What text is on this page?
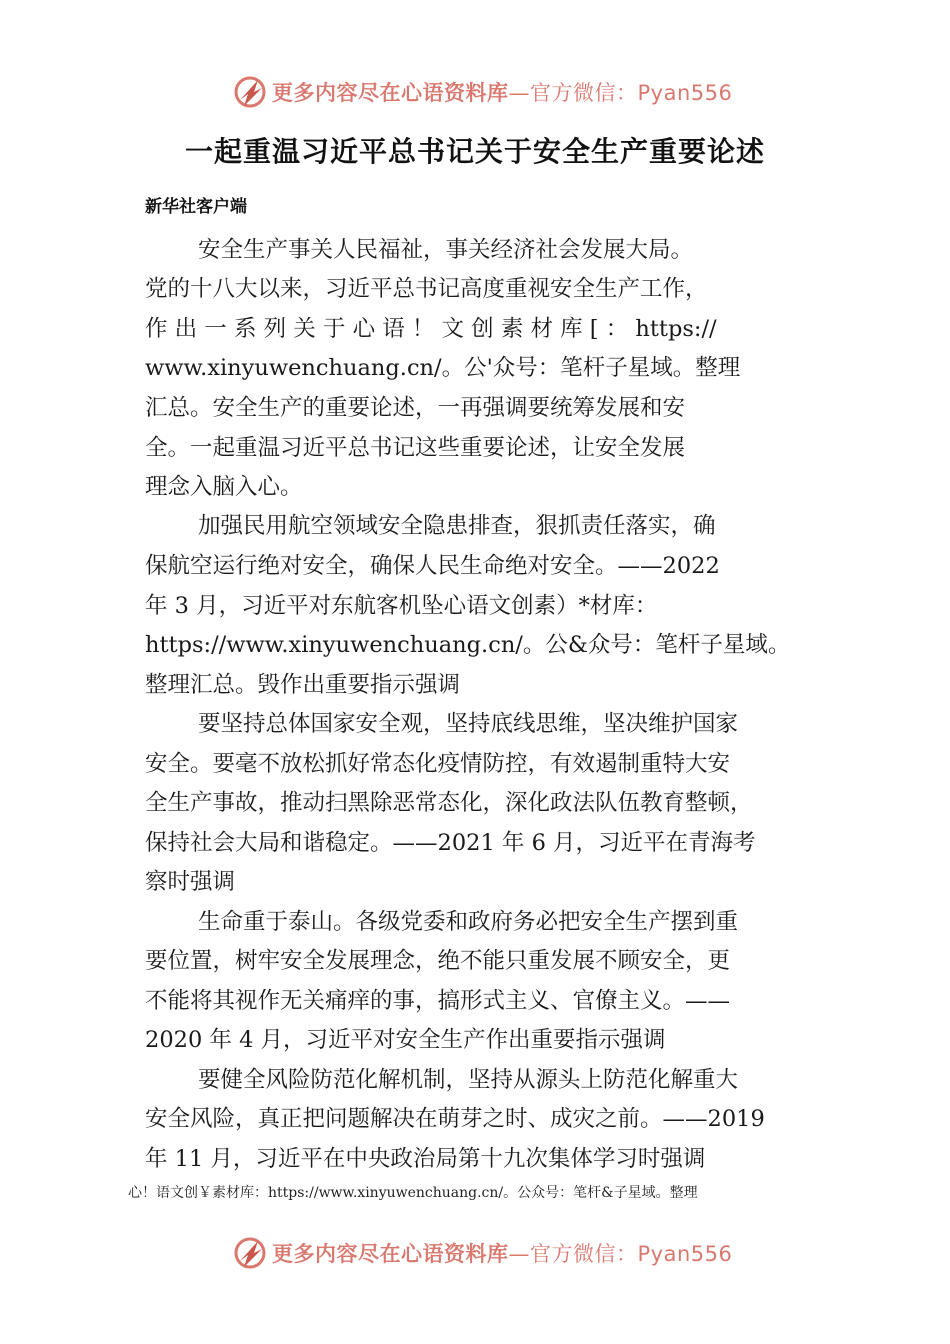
更多内容尽在心语资料库—官方微信：Pyan556
一起重温习近平总书记关于安全生产重要论述
新华社客户端
安全生产事关人民福祉，事关经济社会发展大局。
党的十八大以来，习近平总书记高度重视安全生产工作，
作 出 一 系 列 关 于 心 语 ！ 文 创 素 材 库 [ ： https://
www.xinyuwenchuang.cn/。公'众号：笔杆子星域。整理
汇总。安全生产的重要论述，一再强调要统筹发展和安
全。一起重温习近平总书记这些重要论述，让安全发展
理念入脑入心。
加强民用航空领域安全隐患排查，狠抓责任落实，确
保航空运行绝对安全，确保人民生命绝对安全。——2022
年 3 月，习近平对东航客机坠心语文创素）*材库：
https://www.xinyuwenchuang.cn/。公&众号：笔杆子星域。
整理汇总。毁作出重要指示强调
要坚持总体国家安全观，坚持底线思维，坚决维护国家
安全。要毫不放松抓好常态化疫情防控，有效遏制重特大安
全生产事故，推动扫黑除恶常态化，深化政法队伍教育整顿，
保持社会大局和谐稳定。——2021 年 6 月，习近平在青海考
察时强调
生命重于泰山。各级党委和政府务必把安全生产摆到重
要位置，树牢安全发展理念，绝不能只重发展不顾安全，更
不能将其视作无关痛痒的事，搞形式主义、官僚主义。——
2020 年 4 月，习近平对安全生产作出重要指示强调
要健全风险防范化解机制，坚持从源头上防范化解重大
安全风险，真正把问题解决在萌芽之时、成灾之前。——2019
年 11 月，习近平在中央政治局第十九次集体学习时强调
心！语文创￥素材库：https://www.xinyuwenchuang.cn/。公众号：笔杆&子星域。整理
更多内容尽在心语资料库—官方微信：Pyan556
